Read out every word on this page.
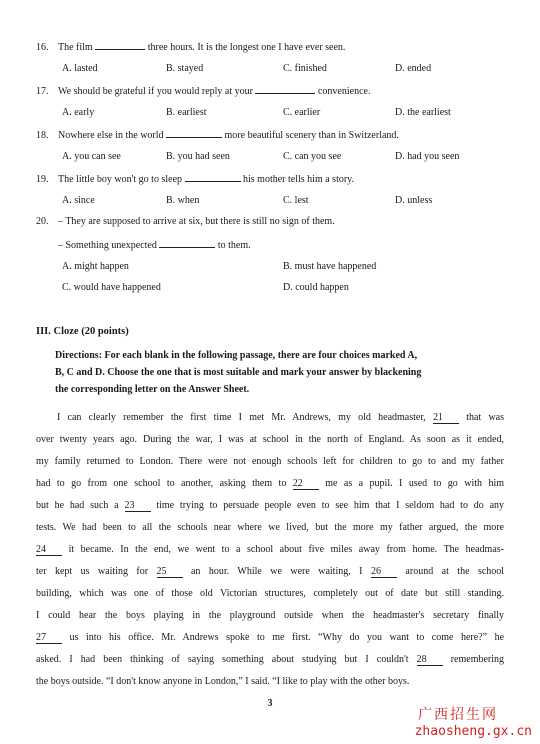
16. The film	three hours. It is the longest one I have ever seen.
A. lasted	B. stayed	C. finished	D. ended
17. We should be grateful if you would reply at your	convenience.
A. early	B. earliest	C. earlier	D. the earliest
18. Nowhere else in the world	more beautiful scenery than in Switzerland.
A. you can see	B. you had seen	C. can you see	D. had you seen
19. The little boy won't go to sleep	his mother tells him a story.
A. since	B. when	C. lest	D. unless
20. – They are supposed to arrive at six, but there is still no sign of them.
– Something unexpected	to them.
A. might happen	B. must have happened
C. would have happened	D. could happen
III. Cloze (20 points)
Directions: For each blank in the following passage, there are four choices marked A,
B, C and D. Choose the one that is most suitable and mark your answer by blackening
the corresponding letter on the Answer Sheet.
I can clearly remember the first time I met Mr. Andrews, my old headmaster, 21 that was
over twenty years ago. During the war, I was at school in the north of England. As soon as it ended,
my family returned to London. There were not enough schools left for children to go to and my father
had to go from one school to another, asking them to 22 me as a pupil. I used to go with him
but he had such a 23 time trying to persuade people even to see him that I seldom had to do any
tests. We had been to all the schools near where we lived, but the more my father argued, the more
24 it became. In the end, we went to a school about five miles away from home. The headmas-
ter kept us waiting for 25 an hour. While we were waiting, I 26 around at the school
building, which was one of those old Victorian structures, completely out of date but still standing.
I could hear the boys playing in the playground outside when the headmaster's secretary finally
27 us into his office. Mr. Andrews spoke to me first. “Why do you want to come here?” he
asked. I had been thinking of saying something about studying but I couldn't 28 remembering
the boys outside. “I don't know anyone in London,” I said. “I like to play with the other boys.
3
广西招生网
zhaosheng.gx.cn
